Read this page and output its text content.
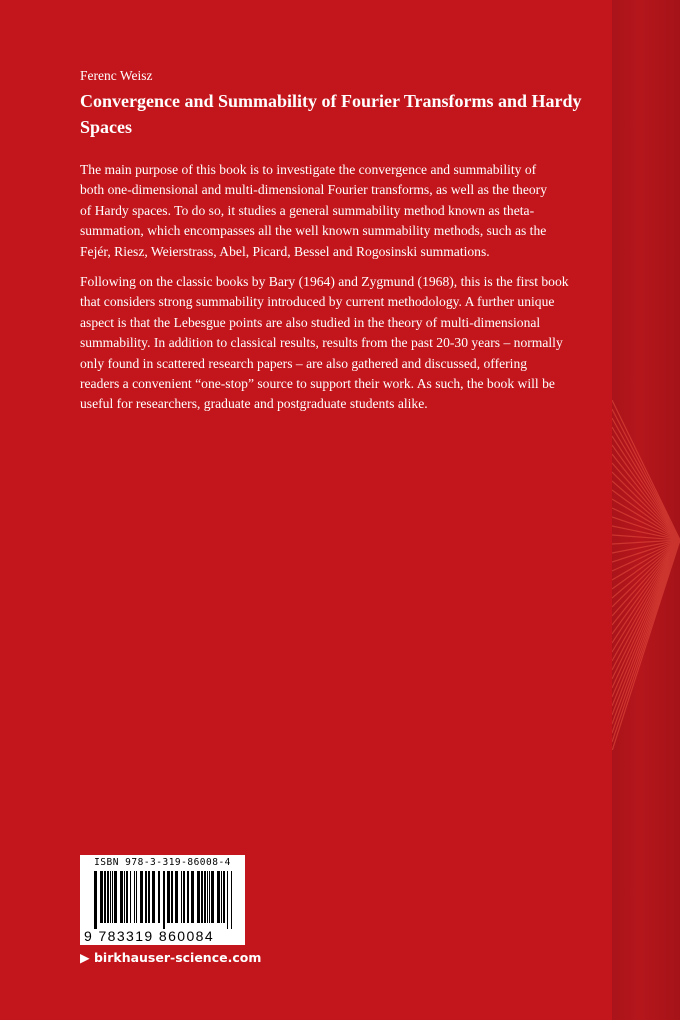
Ferenc Weisz
Convergence and Summability of Fourier Transforms and Hardy Spaces

The main purpose of this book is to investigate the convergence and summability of
both one-dimensional and multi-dimensional Fourier transforms, as well as the theory
of Hardy spaces. To do so, it studies a general summability method known as theta-
summation, which encompasses all the well known summability methods, such as the
Fejér, Riesz, Weierstrass, Abel, Picard, Bessel and Rogosinski summations.

Following on the classic books by Bary (1964) and Zygmund (1968), this is the first book
that considers strong summability introduced by current methodology. A further unique
aspect is that the Lebesgue points are also studied in the theory of multi-dimensional
summability. In addition to classical results, results from the past 20-30 years – normally
only found in scattered research papers – are also gathered and discussed, offering
readers a convenient “one-stop” source to support their work. As such, the book will be
useful for researchers, graduate and postgraduate students alike.

ISBN 978-3-319-86008-4
9 783319 860084
▶ birkhauser-science.com
